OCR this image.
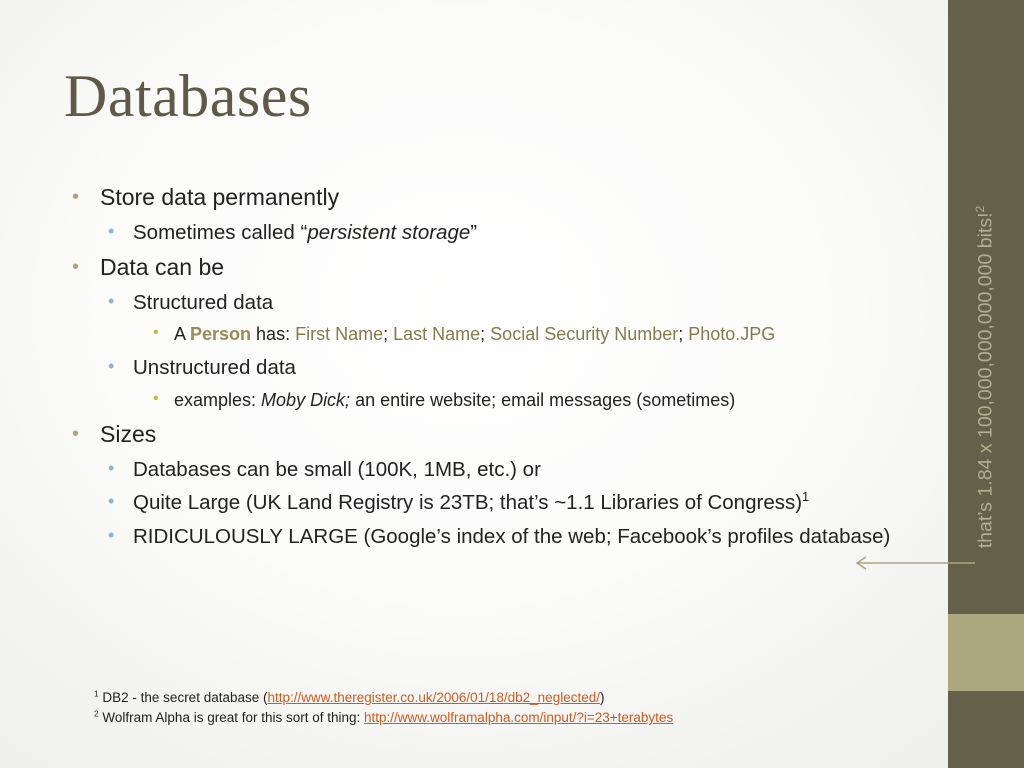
Databases
• Store data permanently
• Sometimes called “persistent storage”
• Data can be
• Structured data
• A Person has: First Name; Last Name; Social Security Number; Photo.JPG
• Unstructured data
• examples: Moby Dick; an entire website; email messages (sometimes)
• Sizes
• Databases can be small (100K, 1MB, etc.) or
• Quite Large (UK Land Registry is 23TB; that’s ~1.1 Libraries of Congress)$^1$
• RIDICULOUSLY LARGE (Google’s index of the web; Facebook’s profiles database)
$^1$ DB2 - the secret database (http://www.theregister.co.uk/2006/01/18/db2_neglected/)
$^2$ Wolfram Alpha is great for this sort of thing: http://www.wolframalpha.com/input/?i=23+terabytes
that’s 1.84 x 100,000,000,000,000 bits!$^2$
